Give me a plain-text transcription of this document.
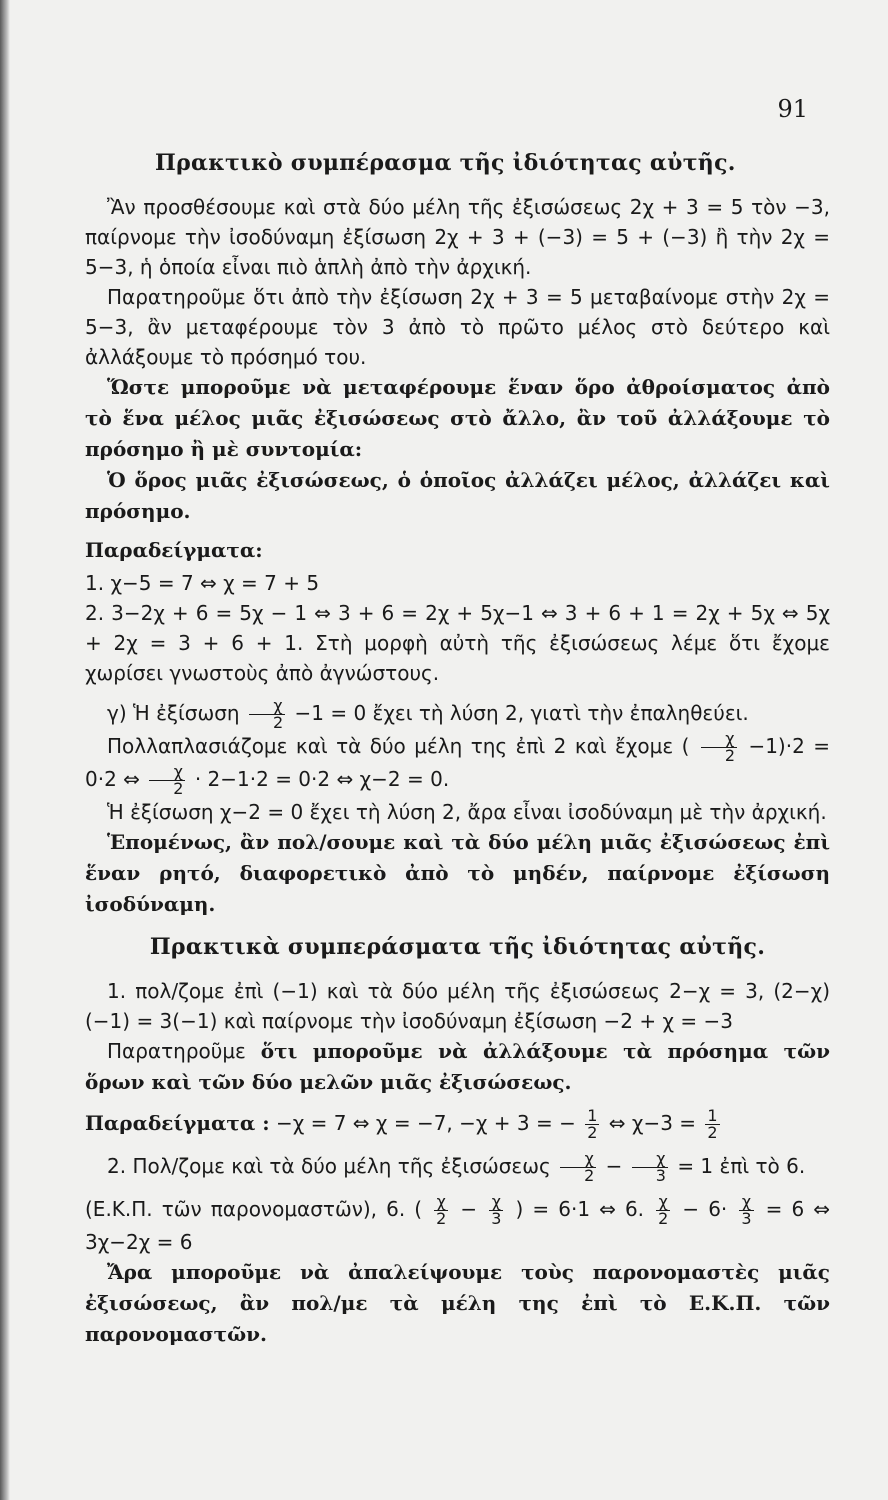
91
Πρακτικὸ συμπέρασμα τῆς ἰδιότητας αὐτῆς.

Ἂν προσθέσουμε καὶ στὰ δύο μέλη τῆς ἐξισώσεως 2χ + 3 = 5 τὸν −3, παίρνομε τὴν ἰσοδύναμη ἐξίσωση 2χ + 3 + (−3) = 5 + (−3) ἢ τὴν 2χ = 5−3, ἡ ὁποία εἶναι πιὸ ἁπλὴ ἀπὸ τὴν ἀρχική.

Παρατηροῦμε ὅτι ἀπὸ τὴν ἐξίσωση 2χ + 3 = 5 μεταβαίνομε στὴν 2χ = 5−3, ἂν μεταφέρουμε τὸν 3 ἀπὸ τὸ πρῶτο μέλος στὸ δεύτερο καὶ ἀλλάξουμε τὸ πρόσημό του.

Ὥστε μποροῦμε νὰ μεταφέρουμε ἕναν ὅρο ἀθροίσματος ἀπὸ τὸ ἕνα μέλος μιᾶς ἐξισώσεως στὸ ἄλλο, ἂν τοῦ ἀλλάξουμε τὸ πρόσημο ἢ μὲ συντομία:

Ὁ ὅρος μιᾶς ἐξισώσεως, ὁ ὁποῖος ἀλλάζει μέλος, ἀλλάζει καὶ πρόσημο.

Παραδείγματα:

1. χ−5 = 7 ⇔ χ = 7 + 5

2. 3−2χ + 6 = 5χ − 1 ⇔ 3 + 6 = 2χ + 5χ−1 ⇔ 3 + 6 + 1 = 2χ + 5χ ⇔ 5χ + 2χ = 3 + 6 + 1. Στὴ μορφὴ αὐτὴ τῆς ἐξισώσεως λέμε ὅτι ἔχομε χωρίσει γνωστοὺς ἀπὸ ἀγνώστους.

γ) Ἡ ἐξίσωση $\frac{\chi}{2} -1 = 0$ ἔχει τὴ λύση 2, γιατὶ τὴν ἐπαληθεύει.

Πολλαπλασιάζομε καὶ τὰ δύο μέλη της ἐπὶ 2 καὶ ἔχομε ( $\frac{\chi}{2} -1)\cdot 2 = 0\cdot 2$ ⇔ $\frac{\chi}{2} \cdot 2-1\cdot 2 = 0\cdot 2$ ⇔ χ−2 = 0.

Ἡ ἐξίσωση χ−2 = 0 ἔχει τὴ λύση 2, ἄρα εἶναι ἰσοδύναμη μὲ τὴν ἀρχική.

Ἑπομένως, ἂν πολ/σουμε καὶ τὰ δύο μέλη μιᾶς ἐξισώσεως ἐπὶ ἕναν ρητό, διαφορετικὸ ἀπὸ τὸ μηδέν, παίρνομε ἐξίσωση ἰσοδύναμη.

Πρακτικὰ συμπεράσματα τῆς ἰδιότητας αὐτῆς.

1. πολ/ζομε ἐπὶ (−1) καὶ τὰ δύο μέλη τῆς ἐξισώσεως 2−χ = 3, (2−χ) (−1) = 3(−1) καὶ παίρνομε τὴν ἰσοδύναμη ἐξίσωση −2 + χ = −3

Παρατηροῦμε ὅτι μποροῦμε νὰ ἀλλάξουμε τὰ πρόσημα τῶν ὅρων καὶ τῶν δύο μελῶν μιᾶς ἐξισώσεως.

Παραδείγματα : −χ = 7 ⇔ χ = −7, −χ + 3 = − $\frac{1}{2}$ ⇔ $\chi-3 = \frac{1}{2}$

2. Πολ/ζομε καὶ τὰ δύο μέλη τῆς ἐξισώσεως $\frac{\chi}{2} - \frac{\chi}{3} = 1$ ἐπὶ τὸ 6.

(Ε.Κ.Π. τῶν παρονομαστῶν), 6. ( $\frac{\chi}{2} - \frac{\chi}{3}$ ) = 6·1 ⇔ 6. $\frac{\chi}{2} - 6\cdot \frac{\chi}{3} = 6$ ⇔ 3χ−2χ = 6

Ἄρα μποροῦμε νὰ ἀπαλείψουμε τοὺς παρονομαστὲς μιᾶς ἐξισώσεως, ἂν πολ/με τὰ μέλη της ἐπὶ τὸ Ε.Κ.Π. τῶν παρονομαστῶν.
